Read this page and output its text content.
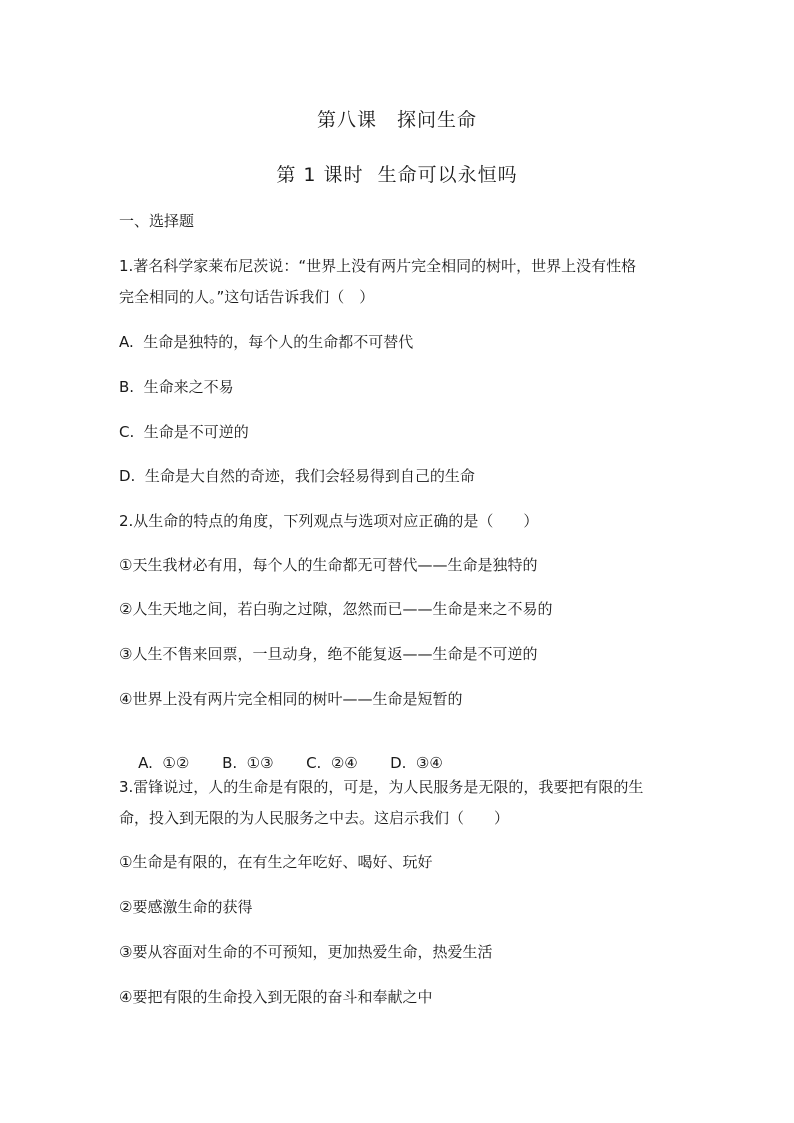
第八课　探问生命
第 1 课时  生命可以永恒吗
一、选择题
1.著名科学家莱布尼茨说：“世界上没有两片完全相同的树叶，世界上没有性格
完全相同的人。”这句话告诉我们（　）
A.  生命是独特的，每个人的生命都不可替代
B.  生命来之不易
C.  生命是不可逆的
D.  生命是大自然的奇迹，我们会轻易得到自己的生命
2.从生命的特点的角度，下列观点与选项对应正确的是（　　）
①天生我材必有用，每个人的生命都无可替代——生命是独特的
②人生天地之间，若白驹之过隙，忽然而已——生命是来之不易的
③人生不售来回票，一旦动身，绝不能复返——生命是不可逆的
④世界上没有两片完全相同的树叶——生命是短暂的

A.  ①② B.  ①③ C.  ②④ D.  ③④

3.雷锋说过，人的生命是有限的，可是，为人民服务是无限的，我要把有限的生
命，投入到无限的为人民服务之中去。这启示我们（　　）
①生命是有限的，在有生之年吃好、喝好、玩好
②要感激生命的获得
③要从容面对生命的不可预知，更加热爱生命，热爱生活
④要把有限的生命投入到无限的奋斗和奉献之中
